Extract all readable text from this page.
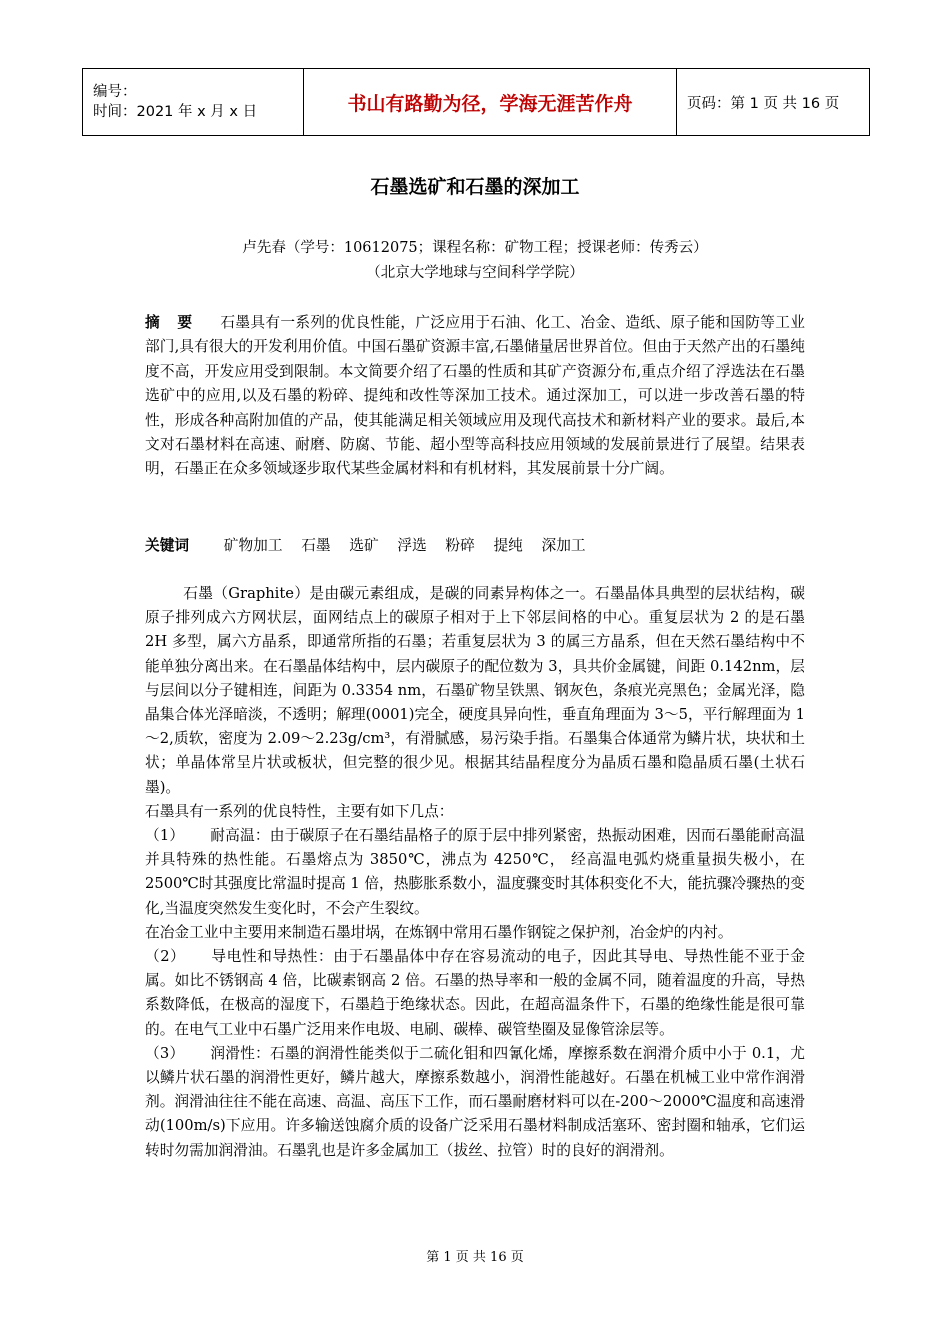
编号：
时间：2021 年 x 月 x 日	书山有路勤为径，学海无涯苦作舟	页码：第 1 页 共 16 页
石墨选矿和石墨的深加工
卢先春（学号：10612075；课程名称：矿物工程；授课老师：传秀云）
（北京大学地球与空间科学学院）

摘 要 石墨具有一系列的优良性能，广泛应用于石油、化工、冶金、造纸、原子能和国防等工业部门,具有很大的开发利用价值。中国石墨矿资源丰富,石墨储量居世界首位。但由于天然产出的石墨纯度不高，开发应用受到限制。本文简要介绍了石墨的性质和其矿产资源分布,重点介绍了浮选法在石墨选矿中的应用,以及石墨的粉碎、提纯和改性等深加工技术。通过深加工，可以进一步改善石墨的特性，形成各种高附加值的产品，使其能满足相关领域应用及现代高技术和新材料产业的要求。最后,本文对石墨材料在高速、耐磨、防腐、节能、超小型等高科技应用领域的发展前景进行了展望。结果表明，石墨正在众多领域逐步取代某些金属材料和有机材料，其发展前景十分广阔。

关键词 矿物加工 石墨 选矿 浮选 粉碎 提纯 深加工

石墨（Graphite）是由碳元素组成，是碳的同素异构体之一。石墨晶体具典型的层状结构，碳原子排列成六方网状层，面网结点上的碳原子相对于上下邻层间格的中心。重复层状为 2 的是石墨 2H 多型，属六方晶系，即通常所指的石墨；若重复层状为 3 的属三方晶系，但在天然石墨结构中不能单独分离出来。在石墨晶体结构中，层内碳原子的配位数为 3，具共价金属键，间距 0.142nm，层与层间以分子键相连，间距为 0.3354 nm，石墨矿物呈铁黑、钢灰色，条痕光亮黑色；金属光泽，隐晶集合体光泽暗淡，不透明；解理(0001)完全，硬度具异向性，垂直角理面为 3～5，平行解理面为 1～2,质软，密度为 2.09～2.23g/cm³，有滑腻感，易污染手指。石墨集合体通常为鳞片状，块状和土状；单晶体常呈片状或板状，但完整的很少见。根据其结晶程度分为晶质石墨和隐晶质石墨(土状石墨)。

石墨具有一系列的优良特性，主要有如下几点：

（1） 耐高温：由于碳原子在石墨结晶格子的原于层中排列紧密，热振动困难，因而石墨能耐高温并具特殊的热性能。石墨熔点为 3850℃，沸点为 4250℃， 经高温电弧灼烧重量损失极小，在 2500℃时其强度比常温时提高 1 倍，热膨胀系数小，温度骤变时其体积变化不大，能抗骤冷骤热的变化,当温度突然发生变化时，不会产生裂纹。

在冶金工业中主要用来制造石墨坩埚，在炼钢中常用石墨作钢锭之保护剂，冶金炉的内衬。

（2） 导电性和导热性：由于石墨晶体中存在容易流动的电子，因此其导电、导热性能不亚于金属。如比不锈钢高 4 倍，比碳素钢高 2 倍。石墨的热导率和一般的金属不同，随着温度的升高，导热系数降低，在极高的湿度下，石墨趋于绝缘状态。因此，在超高温条件下，石墨的绝缘性能是很可靠的。在电气工业中石墨广泛用来作电圾、电刷、碳棒、碳管垫圈及显像管涂层等。

（3） 润滑性：石墨的润滑性能类似于二硫化钼和四氰化烯，摩擦系数在润滑介质中小于 0.1，尤以鳞片状石墨的润滑性更好，鳞片越大，摩擦系数越小，润滑性能越好。石墨在机械工业中常作润滑剂。润滑油往往不能在高速、高温、高压下工作，而石墨耐磨材料可以在-200～2000℃温度和高速滑动(100m/s)下应用。许多输送蚀腐介质的设备广泛采用石墨材料制成活塞环、密封圈和轴承，它们运转时勿需加润滑油。石墨乳也是许多金属加工（拔丝、拉管）时的良好的润滑剂。

第 1 页 共 16 页
